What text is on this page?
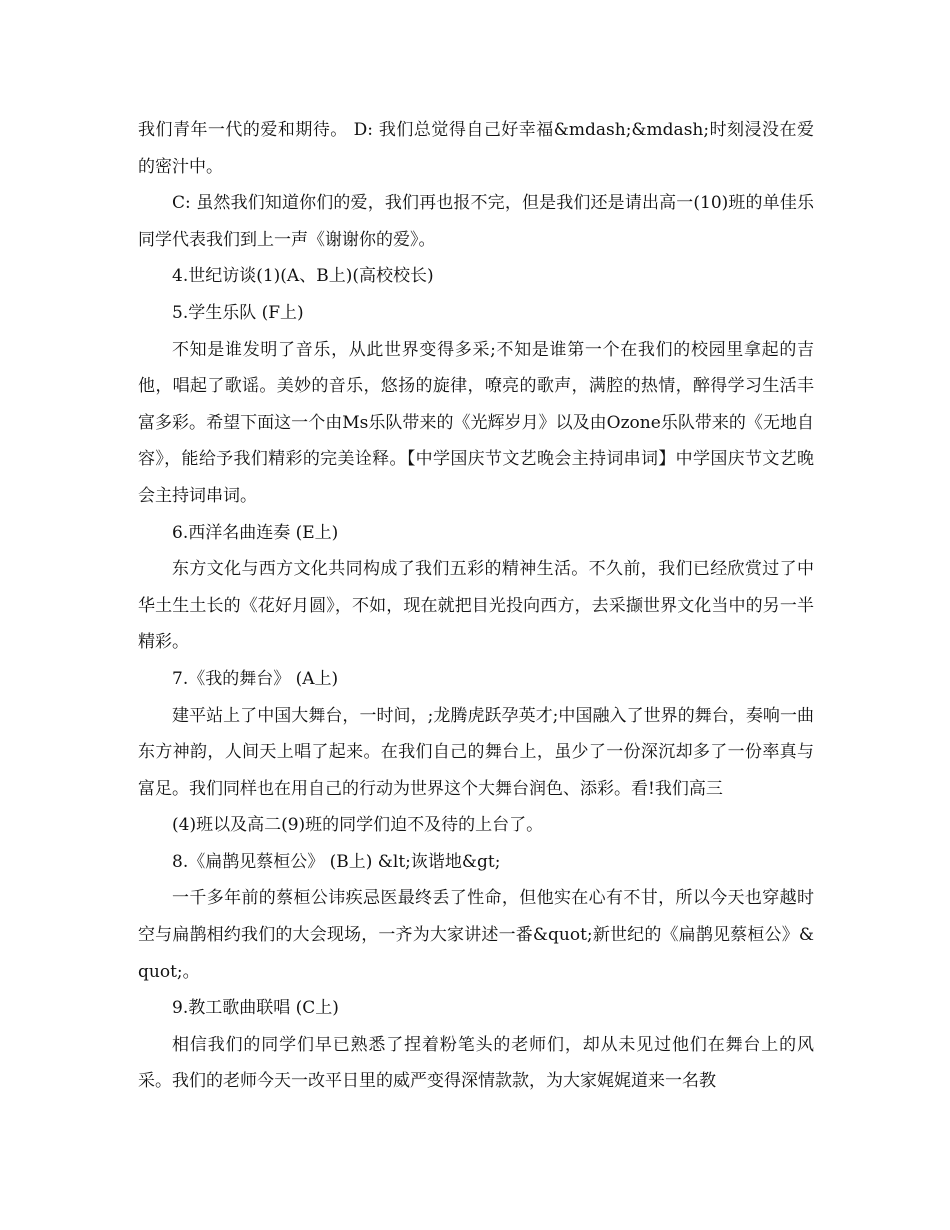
我们青年一代的爱和期待。 D: 我们总觉得自己好幸福&mdash;&mdash;时刻浸没在爱的密汁中。

C: 虽然我们知道你们的爱，我们再也报不完，但是我们还是请出高一(10)班的单佳乐同学代表我们到上一声《谢谢你的爱》。

4.世纪访谈(1)(A、B上)(高校校长)

5.学生乐队 (F上)

不知是谁发明了音乐，从此世界变得多采;不知是谁第一个在我们的校园里拿起的吉他，唱起了歌谣。美妙的音乐，悠扬的旋律，嘹亮的歌声，满腔的热情，醉得学习生活丰富多彩。希望下面这一个由Ms乐队带来的《光辉岁月》以及由Ozone乐队带来的《无地自容》，能给予我们精彩的完美诠释。【中学国庆节文艺晚会主持词串词】中学国庆节文艺晚会主持词串词。

6.西洋名曲连奏 (E上)

东方文化与西方文化共同构成了我们五彩的精神生活。不久前，我们已经欣赏过了中华土生土长的《花好月圆》，不如，现在就把目光投向西方，去采撷世界文化当中的另一半精彩。

7.《我的舞台》 (A上)

建平站上了中国大舞台，一时间，;龙腾虎跃孕英才;中国融入了世界的舞台，奏响一曲东方神韵，人间天上唱了起来。在我们自己的舞台上，虽少了一份深沉却多了一份率真与富足。我们同样也在用自己的行动为世界这个大舞台润色、添彩。看!我们高三

(4)班以及高二(9)班的同学们迫不及待的上台了。

8.《扁鹊见蔡桓公》 (B上) &lt;诙谐地&gt;

一千多年前的蔡桓公讳疾忌医最终丢了性命，但他实在心有不甘，所以今天也穿越时空与扁鹊相约我们的大会现场，一齐为大家讲述一番&quot;新世纪的《扁鹊见蔡桓公》&quot;。

9.教工歌曲联唱 (C上)

相信我们的同学们早已熟悉了捏着粉笔头的老师们，却从未见过他们在舞台上的风采。我们的老师今天一改平日里的威严变得深情款款，为大家娓娓道来一名教
